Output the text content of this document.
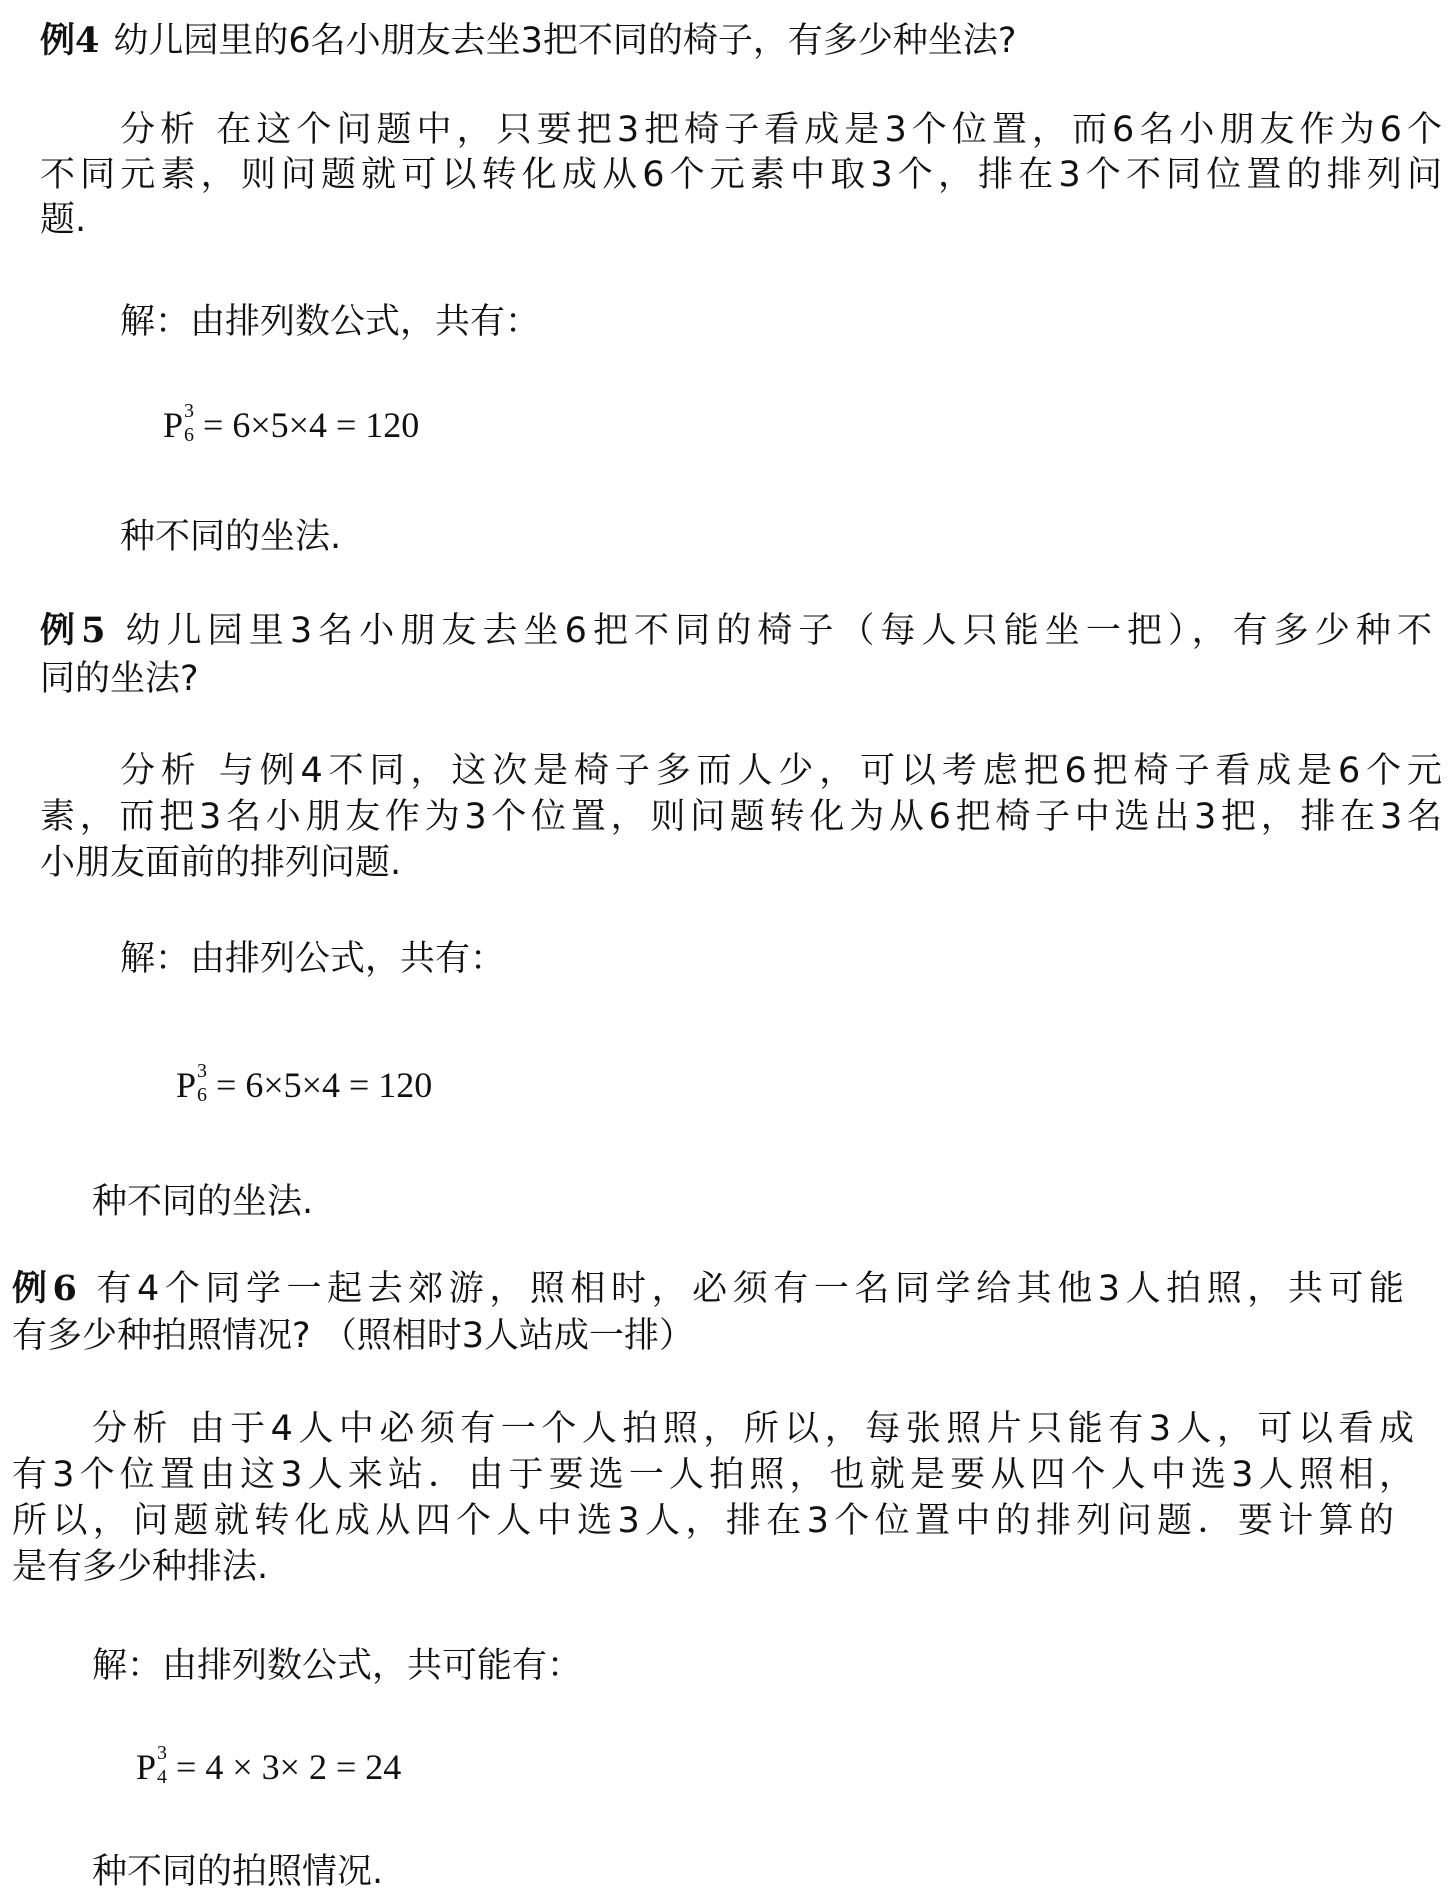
例4 幼儿园里的6名小朋友去坐3把不同的椅子，有多少种坐法?
分析 在这个问题中，只要把3把椅子看成是3个位置，而6名小朋友作为6个
不同元素，则问题就可以转化成从6个元素中取3个，排在3个不同位置的排列问
题.
解：由排列数公式，共有：
P 3
6 = 6×5×4 = 120
种不同的坐法.
例5 幼儿园里3名小朋友去坐6把不同的椅子（每人只能坐一把），有多少种不
同的坐法?
分析 与例4不同，这次是椅子多而人少，可以考虑把6把椅子看成是6个元
素，而把3名小朋友作为3个位置，则问题转化为从6把椅子中选出3把，排在3名
小朋友面前的排列问题.
解：由排列公式，共有：
P 3
6 = 6×5×4 = 120
种不同的坐法.
例6 有4个同学一起去郊游，照相时，必须有一名同学给其他3人拍照，共可能
有多少种拍照情况? （照相时3人站成一排）
分析 由于4人中必须有一个人拍照，所以，每张照片只能有3人，可以看成
有3个位置由这3人来站．由于要选一人拍照，也就是要从四个人中选3人照相，
所以，问题就转化成从四个人中选3人，排在3个位置中的排列问题．要计算的
是有多少种排法.
解：由排列数公式，共可能有：
P 3
4 = 4 × 3× 2 = 24
种不同的拍照情况.
